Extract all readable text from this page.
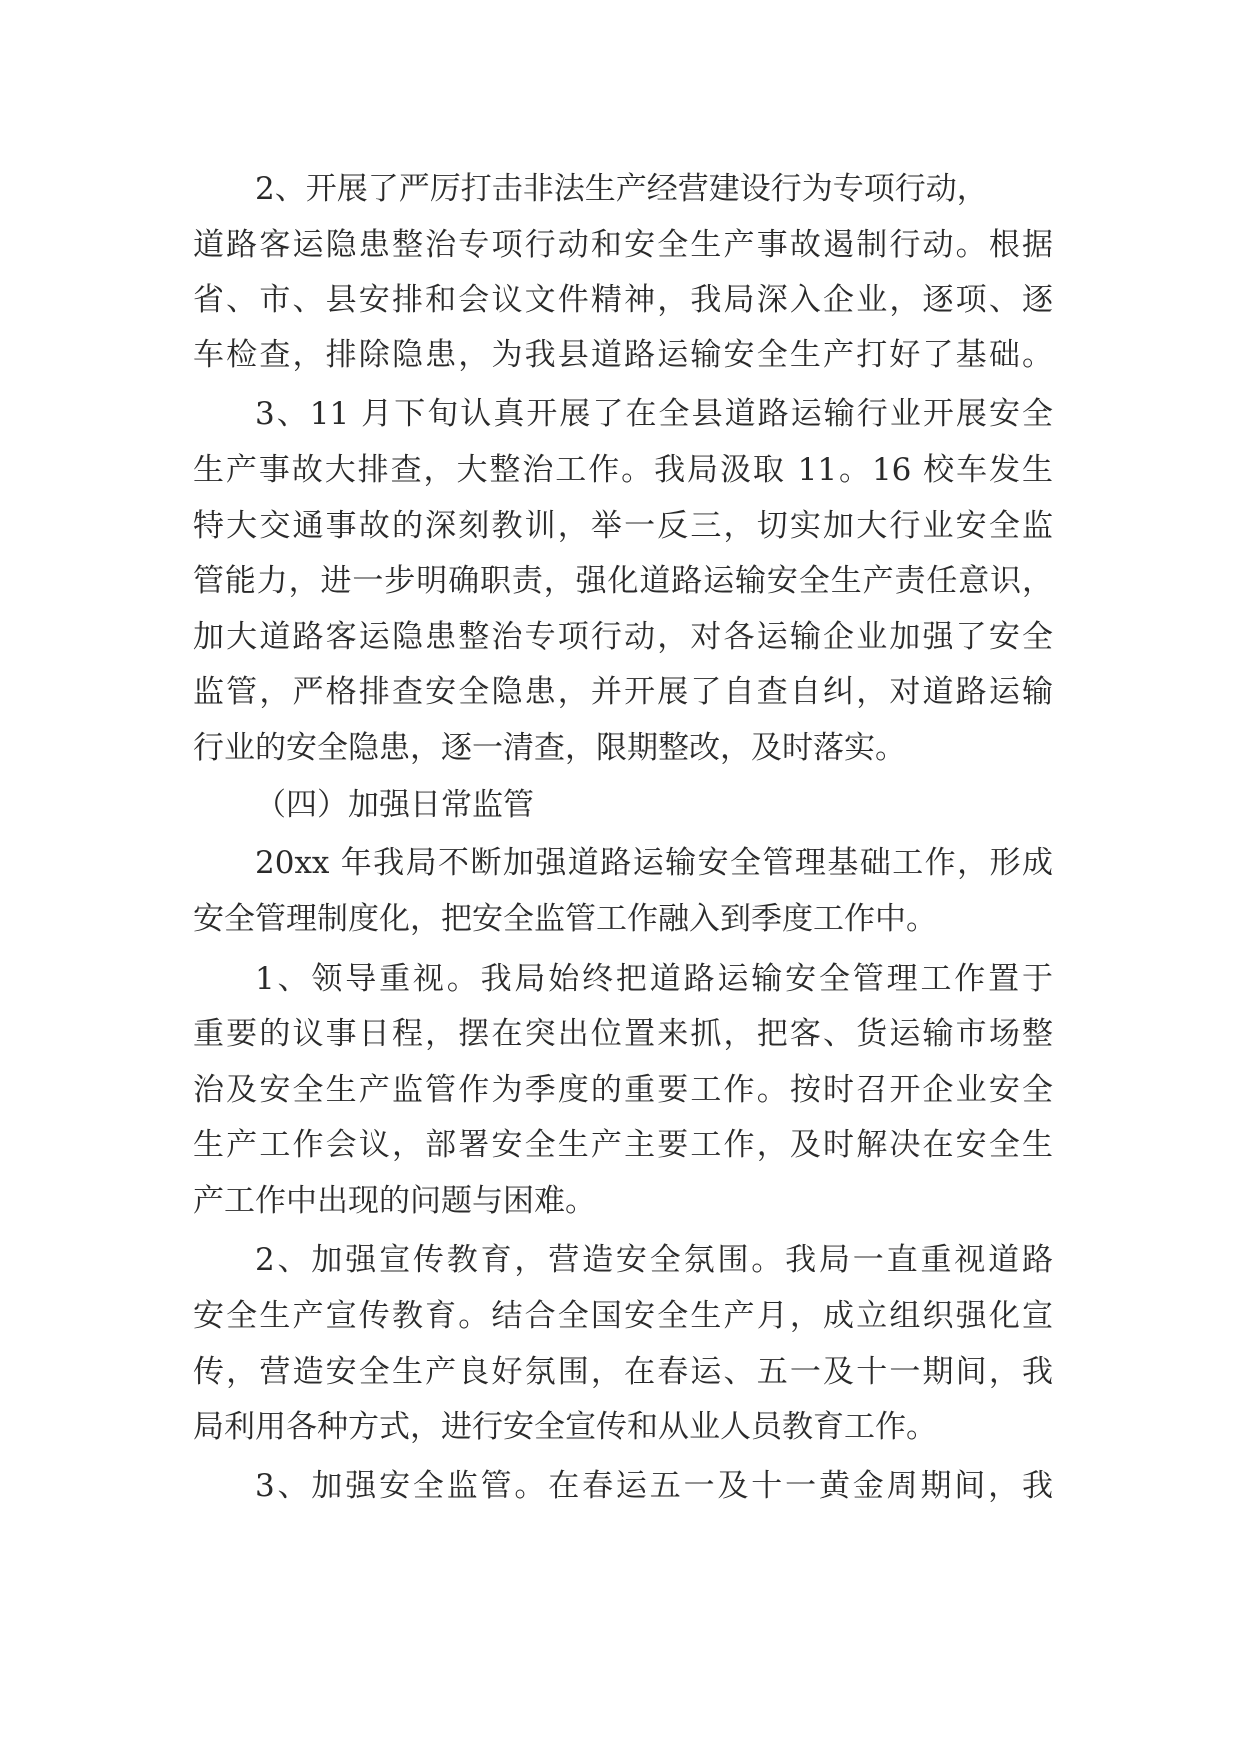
2、开展了严厉打击非法生产经营建设行为专项行动，
道路客运隐患整治专项行动和安全生产事故遏制行动。根据
省、市、县安排和会议文件精神，我局深入企业，逐项、逐
车检查，排除隐患，为我县道路运输安全生产打好了基础。
3、11 月下旬认真开展了在全县道路运输行业开展安全
生产事故大排查，大整治工作。我局汲取 11。16 校车发生
特大交通事故的深刻教训，举一反三，切实加大行业安全监
管能力，进一步明确职责，强化道路运输安全生产责任意识，
加大道路客运隐患整治专项行动，对各运输企业加强了安全
监管，严格排查安全隐患，并开展了自查自纠，对道路运输
行业的安全隐患，逐一清查，限期整改，及时落实。
（四）加强日常监管
20xx 年我局不断加强道路运输安全管理基础工作，形成
安全管理制度化，把安全监管工作融入到季度工作中。
1、领导重视。我局始终把道路运输安全管理工作置于
重要的议事日程，摆在突出位置来抓，把客、货运输市场整
治及安全生产监管作为季度的重要工作。按时召开企业安全
生产工作会议，部署安全生产主要工作，及时解决在安全生
产工作中出现的问题与困难。
2、加强宣传教育，营造安全氛围。我局一直重视道路
安全生产宣传教育。结合全国安全生产月，成立组织强化宣
传，营造安全生产良好氛围，在春运、五一及十一期间，我
局利用各种方式，进行安全宣传和从业人员教育工作。
3、加强安全监管。在春运五一及十一黄金周期间，我
